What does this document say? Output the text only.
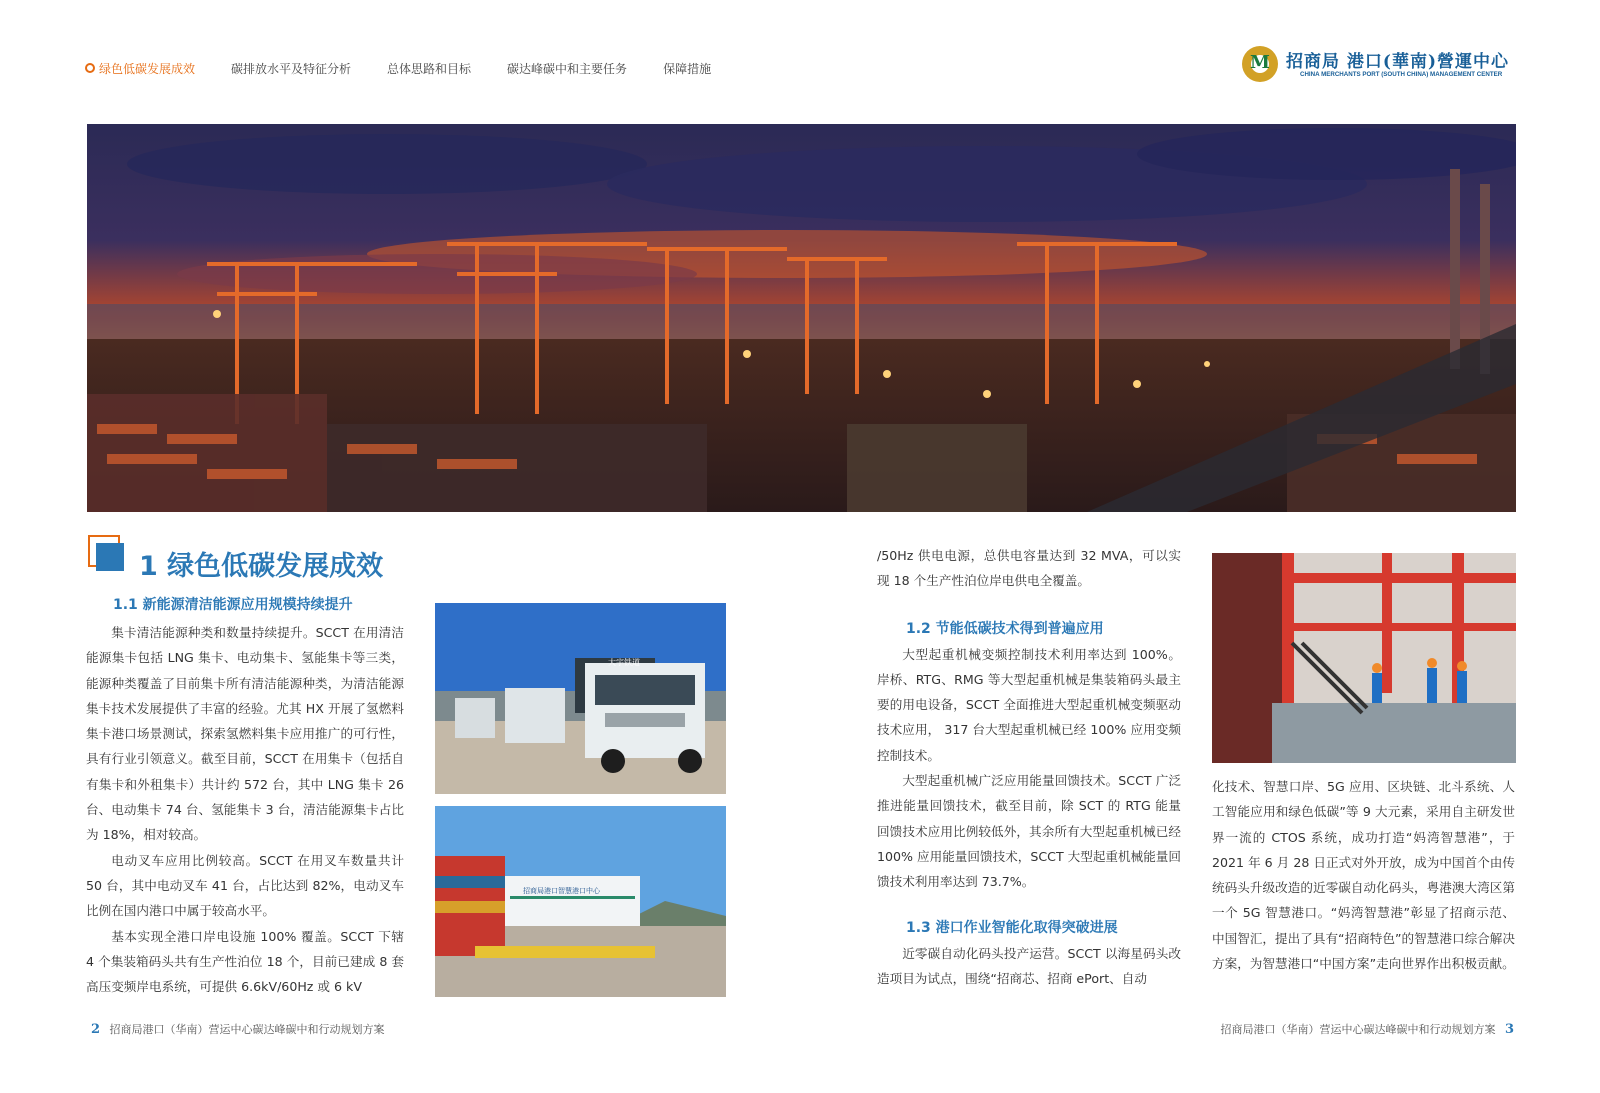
绿色低碳发展成效	碳排放水平及特征分析	总体思路和目标	碳达峰碳中和主要任务	保障措施
M	招商局 港口(華南)營運中心
CHINA MERCHANTS PORT (SOUTH CHINA) MANAGEMENT CENTER
1 绿色低碳发展成效
1.1 新能源清洁能源应用规模持续提升

集卡清洁能源种类和数量持续提升。SCCT 在用清洁能源集卡包括 LNG 集卡、电动集卡、氢能集卡等三类，能源种类覆盖了目前集卡所有清洁能源种类，为清洁能源集卡技术发展提供了丰富的经验。尤其 HX 开展了氢燃料集卡港口场景测试，探索氢燃料集卡应用推广的可行性，具有行业引领意义。截至目前，SCCT 在用集卡（包括自有集卡和外租集卡）共计约 572 台，其中 LNG 集卡 26 台、电动集卡 74 台、氢能集卡 3 台，清洁能源集卡占比为 18%，相对较高。

电动叉车应用比例较高。SCCT 在用叉车数量共计 50 台，其中电动叉车 41 台，占比达到 82%，电动叉车比例在国内港口中属于较高水平。

基本实现全港口岸电设施 100% 覆盖。SCCT 下辖 4 个集装箱码头共有生产性泊位 18 个，目前已建成 8 套高压变频岸电系统，可提供 6.6kV/60Hz 或 6 kV

大宇铁道
招商局港口智慧港口中心

/50Hz 供电电源，总供电容量达到 32 MVA，可以实现 18 个生产性泊位岸电供电全覆盖。

1.2 节能低碳技术得到普遍应用

大型起重机械变频控制技术利用率达到 100%。岸桥、RTG、RMG 等大型起重机械是集装箱码头最主要的用电设备，SCCT 全面推进大型起重机械变频驱动技术应用， 317 台大型起重机械已经 100% 应用变频控制技术。

大型起重机械广泛应用能量回馈技术。SCCT 广泛推进能量回馈技术，截至目前，除 SCT 的 RTG 能量回馈技术应用比例较低外，其余所有大型起重机械已经 100% 应用能量回馈技术，SCCT 大型起重机械能量回馈技术利用率达到 73.7%。

1.3 港口作业智能化取得突破进展

近零碳自动化码头投产运营。SCCT 以海星码头改造项目为试点，围绕“招商芯、招商 ePort、自动

化技术、智慧口岸、5G 应用、区块链、北斗系统、人工智能应用和绿色低碳”等 9 大元素，采用自主研发世界一流的 CTOS 系统，成功打造“妈湾智慧港”，于 2021 年 6 月 28 日正式对外开放，成为中国首个由传统码头升级改造的近零碳自动化码头，粤港澳大湾区第一个 5G 智慧港口。“妈湾智慧港”彰显了招商示范、中国智汇，提出了具有“招商特色”的智慧港口综合解决方案，为智慧港口“中国方案”走向世界作出积极贡献。

2 招商局港口（华南）营运中心碳达峰碳中和行动规划方案	招商局港口（华南）营运中心碳达峰碳中和行动规划方案 3
